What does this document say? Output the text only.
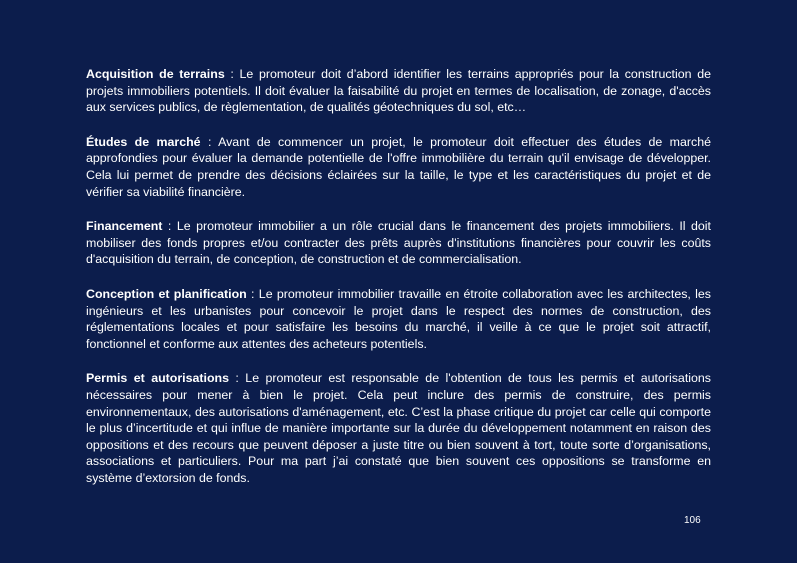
Acquisition de terrains : Le promoteur doit d’abord identifier les terrains appropriés pour la construction de projets immobiliers potentiels. Il doit évaluer la faisabilité du projet en termes de localisation, de zonage, d'accès aux services publics, de règlementation, de qualités géotechniques du sol, etc…

Études de marché : Avant de commencer un projet, le promoteur doit effectuer des études de marché approfondies pour évaluer la demande potentielle de l'offre immobilière du terrain qu'il envisage de développer. Cela lui permet de prendre des décisions éclairées sur la taille, le type et les caractéristiques du projet et de vérifier sa viabilité financière.

Financement : Le promoteur immobilier a un rôle crucial dans le financement des projets immobiliers. Il doit mobiliser des fonds propres et/ou contracter des prêts auprès d'institutions financières pour couvrir les coûts d'acquisition du terrain, de conception, de construction et de commercialisation.

Conception et planification : Le promoteur immobilier travaille en étroite collaboration avec les architectes, les ingénieurs et les urbanistes pour concevoir le projet dans le respect des normes de construction, des réglementations locales et pour satisfaire les besoins du marché, il veille à ce que le projet soit attractif, fonctionnel et conforme aux attentes des acheteurs potentiels.

Permis et autorisations : Le promoteur est responsable de l'obtention de tous les permis et autorisations nécessaires pour mener à bien le projet. Cela peut inclure des permis de construire, des permis environnementaux, des autorisations d'aménagement, etc. C’est la phase critique du projet car celle qui comporte le plus d’incertitude et qui influe de manière importante sur la durée du développement notamment en raison des oppositions et des recours que peuvent déposer a juste titre ou bien souvent à tort, toute sorte d’organisations, associations et particuliers. Pour ma part j’ai constaté que bien souvent ces oppositions se transforme en système d’extorsion de fonds.

106
